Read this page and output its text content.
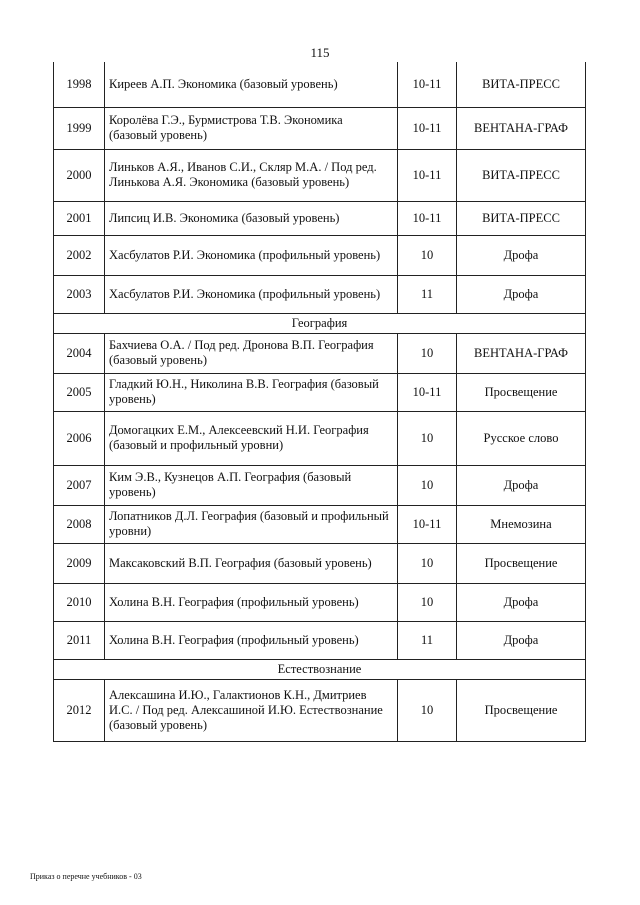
115
1998	Киреев А.П. Экономика (базовый уровень)	10-11	ВИТА-ПРЕСС
1999	Королёва Г.Э., Бурмистрова Т.В. Экономика (базовый уровень)	10-11	ВЕНТАНА-ГРАФ
2000	Линьков А.Я., Иванов С.И., Скляр М.А. / Под ред. Линькова А.Я. Экономика (базовый уровень)	10-11	ВИТА-ПРЕСС
2001	Липсиц И.В. Экономика (базовый уровень)	10-11	ВИТА-ПРЕСС
2002	Хасбулатов Р.И. Экономика (профильный уровень)	10	Дрофа
2003	Хасбулатов Р.И. Экономика (профильный уровень)	11	Дрофа
География			
2004	Бахчиева О.А. / Под ред. Дронова В.П. География (базовый уровень)	10	ВЕНТАНА-ГРАФ
2005	Гладкий Ю.Н., Николина В.В. География (базовый уровень)	10-11	Просвещение
2006	Домогацких Е.М., Алексеевский Н.И. География (базовый и профильный уровни)	10	Русское слово
2007	Ким Э.В., Кузнецов А.П. География (базовый уровень)	10	Дрофа
2008	Лопатников Д.Л. География (базовый и профильный уровни)	10-11	Мнемозина
2009	Максаковский В.П. География (базовый уровень)	10	Просвещение
2010	Холина В.Н. География (профильный уровень)	10	Дрофа
2011	Холина В.Н. География (профильный уровень)	11	Дрофа
Естествознание			
2012	Алексашина И.Ю., Галактионов К.Н., Дмитриев И.С. / Под ред. Алексашиной И.Ю. Естествознание (базовый уровень)	10	Просвещение
Приказ о перечне учебников - 03
